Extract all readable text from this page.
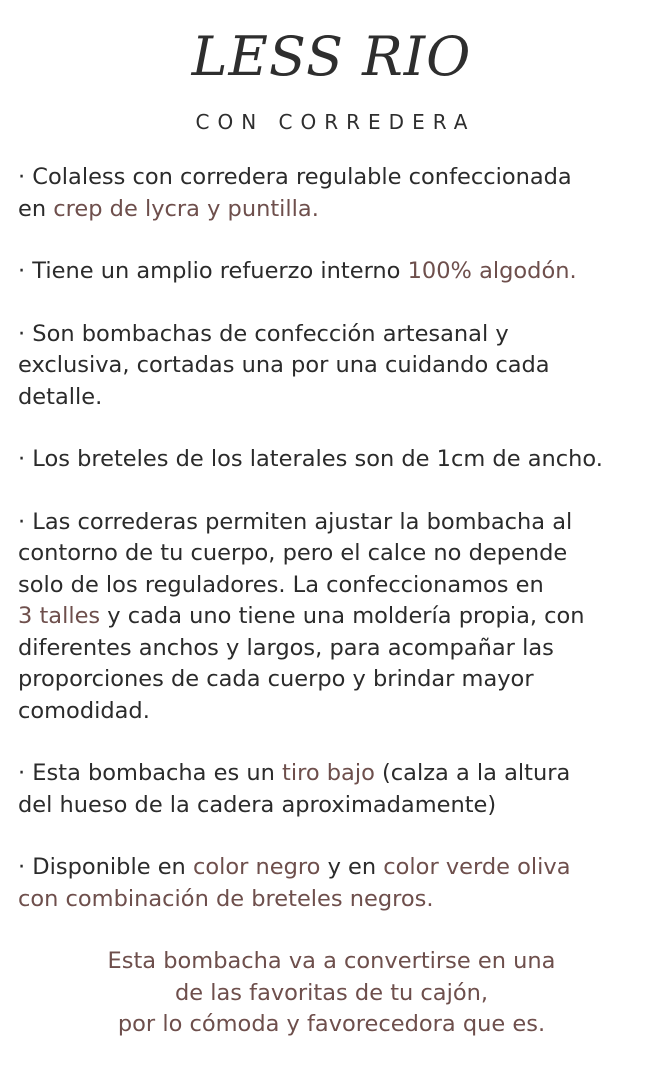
LESS RIO
CON CORREDERA
· Colaless con corredera regulable confeccionada
en crep de lycra y puntilla.
· Tiene un amplio refuerzo interno 100% algodón.
· Son bombachas de confección artesanal y
exclusiva, cortadas una por una cuidando cada
detalle.
· Los breteles de los laterales son de 1cm de ancho.
· Las correderas permiten ajustar la bombacha al
contorno de tu cuerpo, pero el calce no depende
solo de los reguladores. La confeccionamos en
3 talles y cada uno tiene una moldería propia, con
diferentes anchos y largos, para acompañar las
proporciones de cada cuerpo y brindar mayor
comodidad.
· Esta bombacha es un tiro bajo (calza a la altura
del hueso de la cadera aproximadamente)
· Disponible en color negro y en color verde oliva
con combinación de breteles negros.
Esta bombacha va a convertirse en una
de las favoritas de tu cajón,
por lo cómoda y favorecedora que es.
